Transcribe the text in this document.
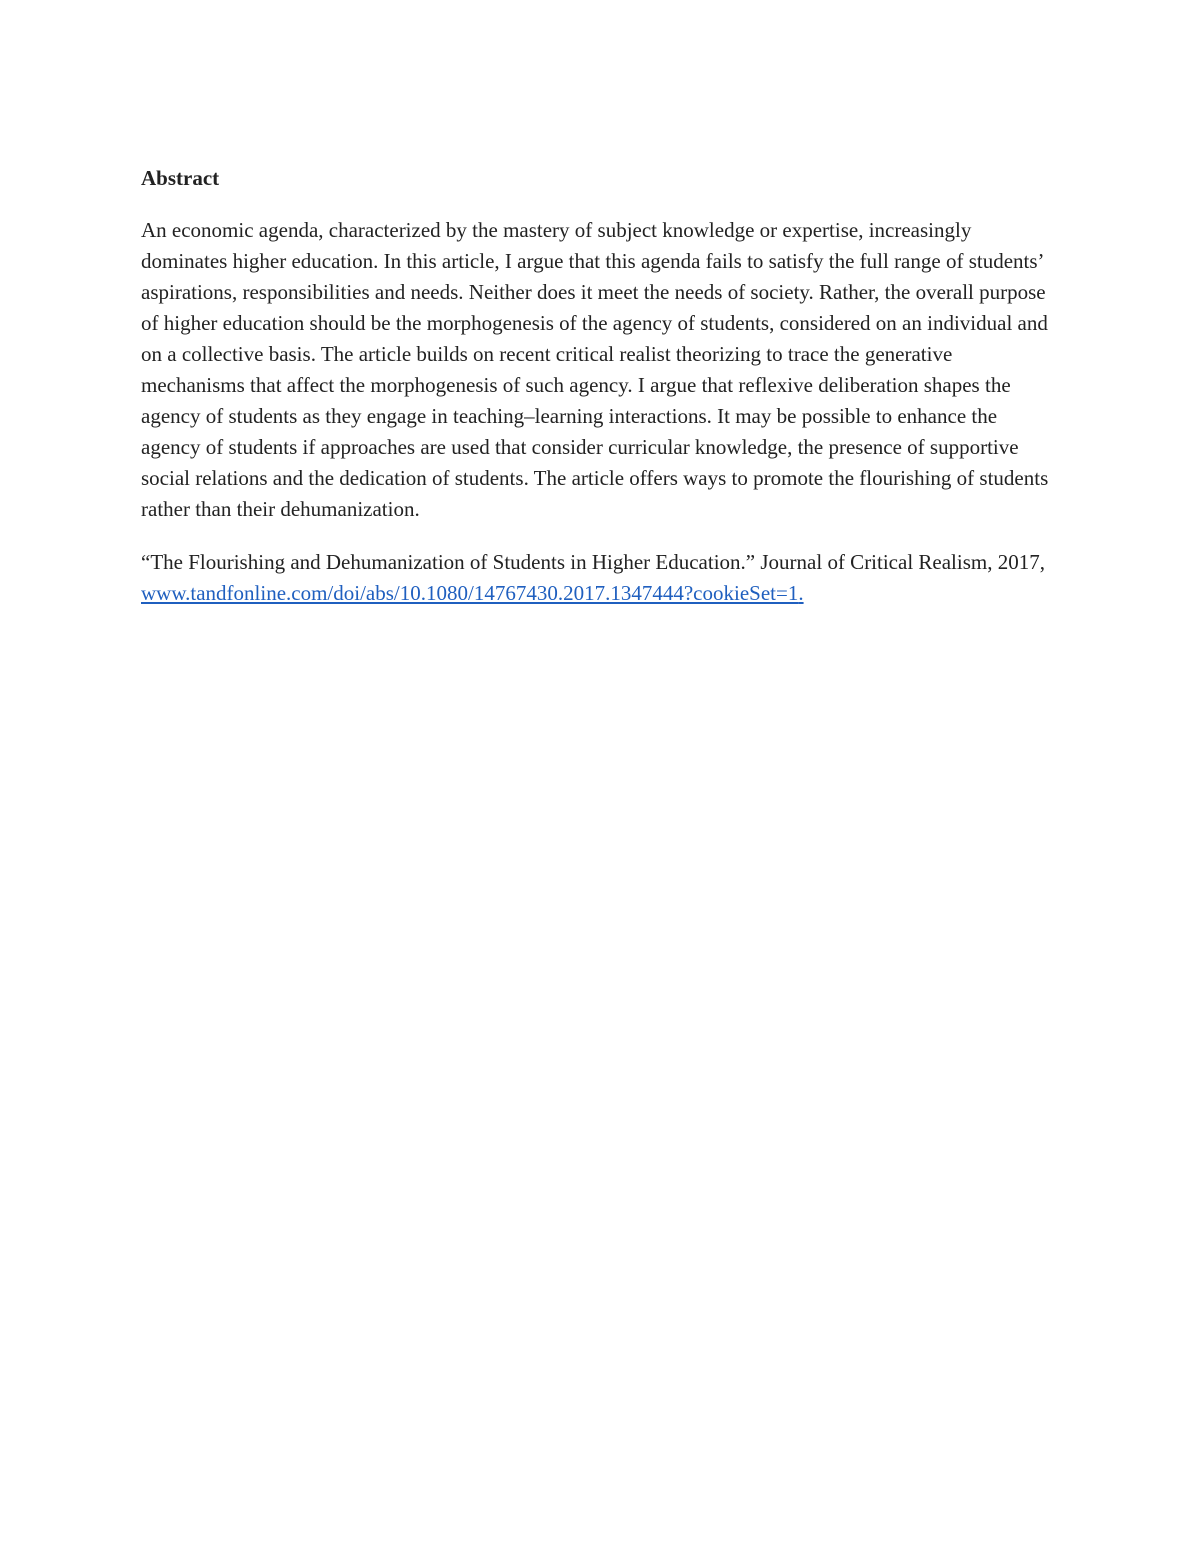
Abstract

An economic agenda, characterized by the mastery of subject knowledge or expertise, increasingly dominates higher education. In this article, I argue that this agenda fails to satisfy the full range of students’ aspirations, responsibilities and needs. Neither does it meet the needs of society. Rather, the overall purpose of higher education should be the morphogenesis of the agency of students, considered on an individual and on a collective basis. The article builds on recent critical realist theorizing to trace the generative mechanisms that affect the morphogenesis of such agency. I argue that reflexive deliberation shapes the agency of students as they engage in teaching–learning interactions. It may be possible to enhance the agency of students if approaches are used that consider curricular knowledge, the presence of supportive social relations and the dedication of students. The article offers ways to promote the flourishing of students rather than their dehumanization.

“The Flourishing and Dehumanization of Students in Higher Education.” Journal of Critical Realism, 2017, www.tandfonline.com/doi/abs/10.1080/14767430.2017.1347444?cookieSet=1.
